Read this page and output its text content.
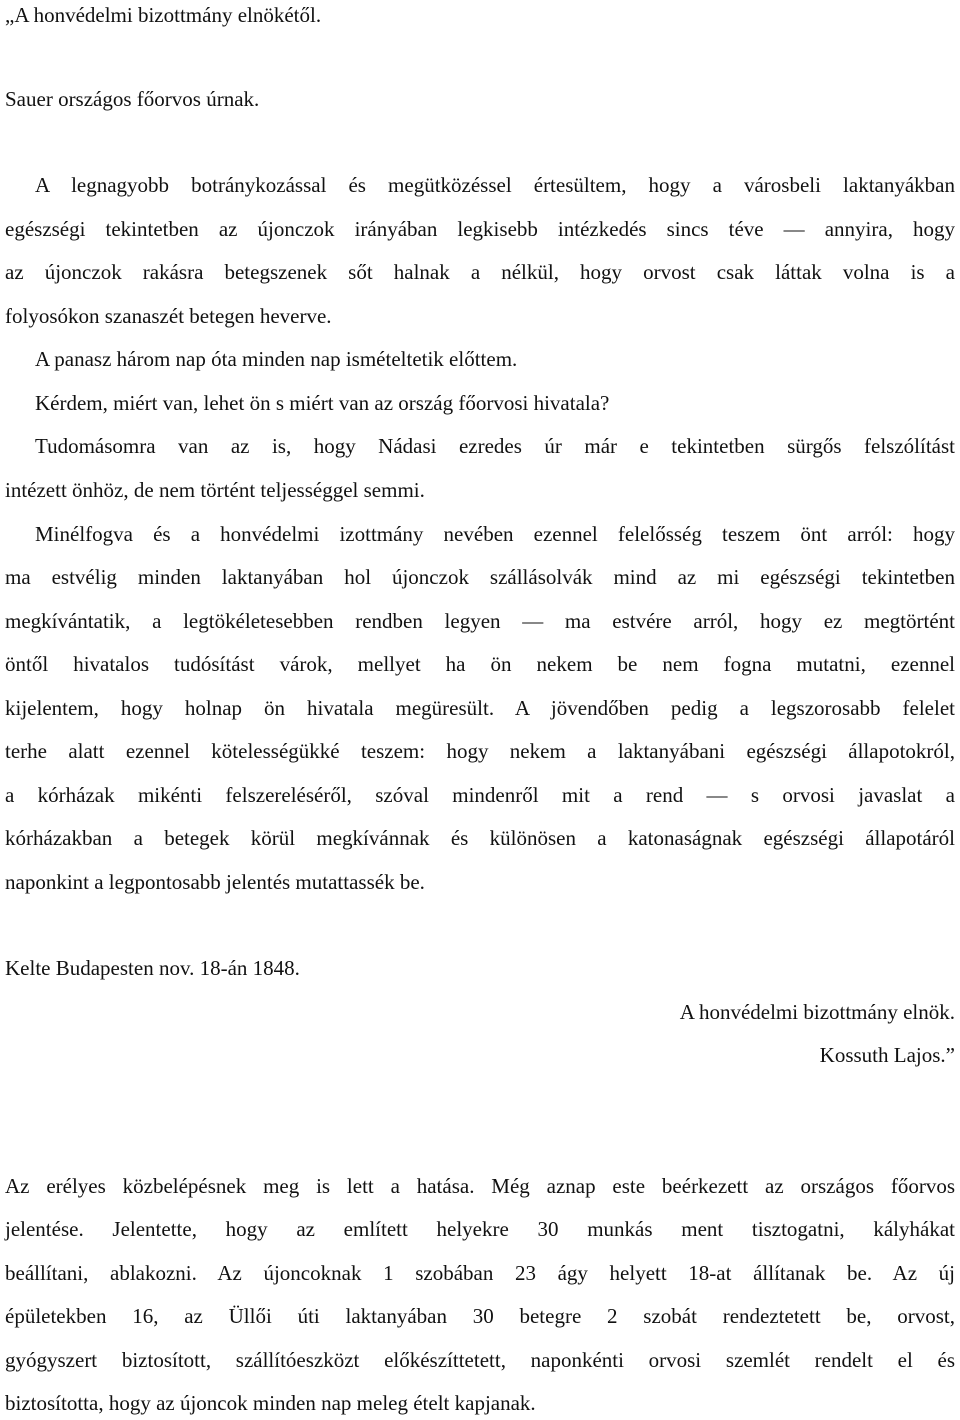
„A honvédelmi bizottmány elnökétől.
Sauer országos főorvos úrnak.
A legnagyobb botránykozással és megütközéssel értesültem, hogy a városbeli laktanyákban
egészségi tekintetben az újonczok irányában legkisebb intézkedés sincs téve — annyira, hogy
az újonczok rakásra betegszenek sőt halnak a nélkül, hogy orvost csak láttak volna is a
folyosókon szanaszét betegen heverve.
A panasz három nap óta minden nap ismételtetik előttem.
Kérdem, miért van, lehet ön s miért van az ország főorvosi hivatala?
Tudomásomra van az is, hogy Nádasi ezredes úr már e tekintetben sürgős felszólítást
intézett önhöz, de nem történt teljességgel semmi.
Minélfogva és a honvédelmi izottmány nevében ezennel felelősség teszem önt arról: hogy
ma estvélig minden laktanyában hol újonczok szállásolvák mind az mi egészségi tekintetben
megkívántatik, a legtökéletesebben rendben legyen — ma estvére arról, hogy ez megtörtént
öntől hivatalos tudósítást várok, mellyet ha ön nekem be nem fogna mutatni, ezennel
kijelentem, hogy holnap ön hivatala megüresült. A jövendőben pedig a legszorosabb felelet
terhe alatt ezennel kötelességükké teszem: hogy nekem a laktanyábani egészségi állapotokról,
a kórházak mikénti felszereléséről, szóval mindenről mit a rend — s orvosi javaslat a
kórházakban a betegek körül megkívánnak és különösen a katonaságnak egészségi állapotáról
naponkint a legpontosabb jelentés mutattassék be.
Kelte Budapesten nov. 18-án 1848.
A honvédelmi bizottmány elnök.
Kossuth Lajos.”
Az erélyes közbelépésnek meg is lett a hatása. Még aznap este beérkezett az országos főorvos
jelentése. Jelentette, hogy az említett helyekre 30 munkás ment tisztogatni, kályhákat
beállítani, ablakozni. Az újoncoknak 1 szobában 23 ágy helyett 18-at állítanak be. Az új
épületekben 16, az Üllői úti laktanyában 30 betegre 2 szobát rendeztetett be, orvost,
gyógyszert biztosított, szállítóeszközt előkészíttetett, naponkénti orvosi szemlét rendelt el és
biztosította, hogy az újoncok minden nap meleg ételt kapjanak.
